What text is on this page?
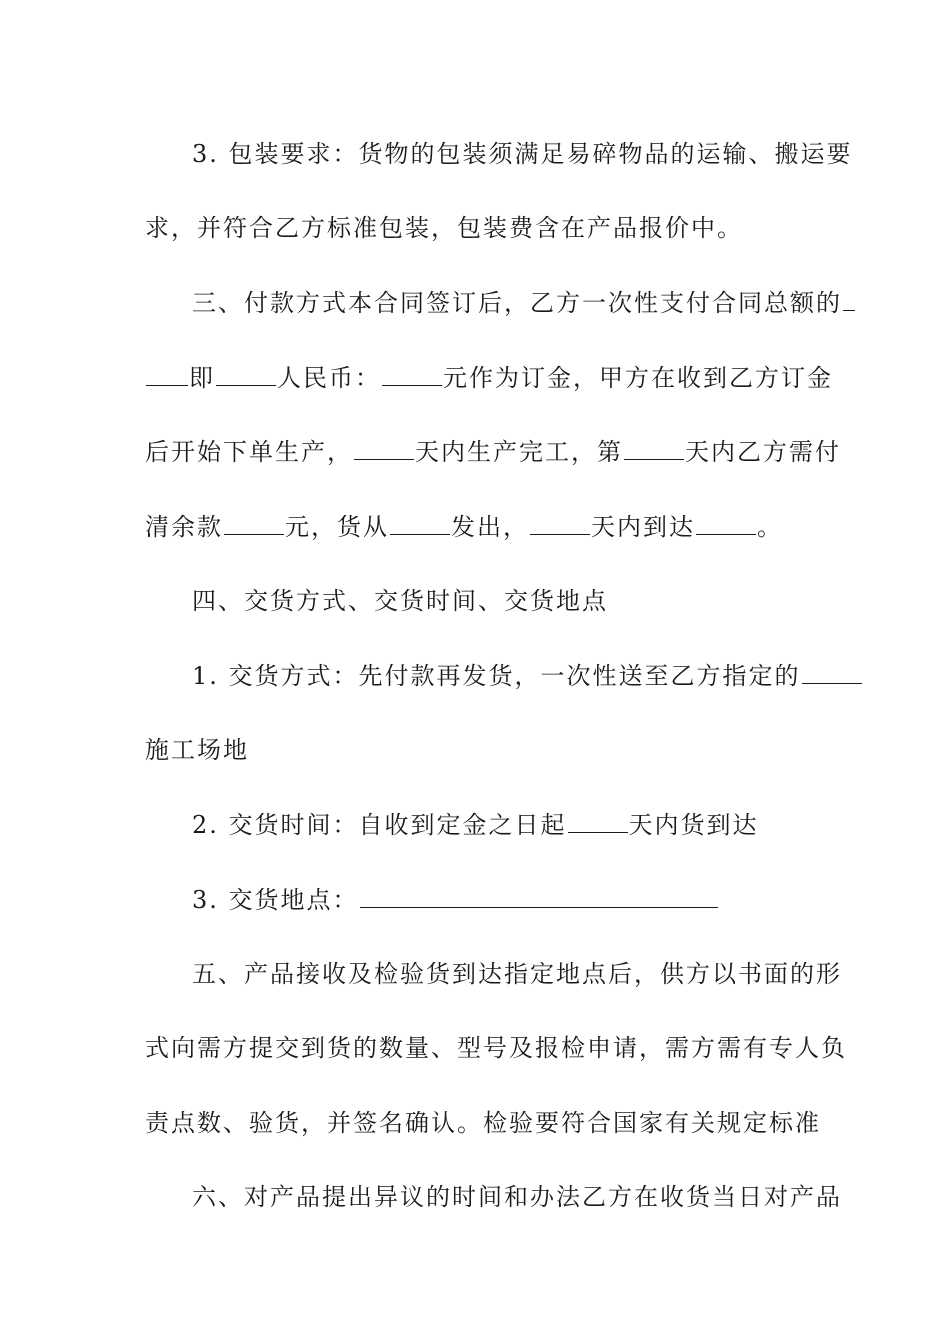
3. 包装要求：货物的包装须满足易碎物品的运输、搬运要
求，并符合乙方标准包装，包装费含在产品报价中。
三、付款方式本合同签订后，乙方一次性支付合同总额的
即	人民币：	元作为订金，甲方在收到乙方订金
后开始下单生产，	天内生产完工，第	天内乙方需付
清余款	元，货从	发出，	天内到达	。
四、交货方式、交货时间、交货地点
1. 交货方式：先付款再发货，一次性送至乙方指定的
施工场地
2. 交货时间：自收到定金之日起	天内货到达
3. 交货地点：
五、产品接收及检验货到达指定地点后，供方以书面的形
式向需方提交到货的数量、型号及报检申请，需方需有专人负
责点数、验货，并签名确认。检验要符合国家有关规定标准
六、对产品提出异议的时间和办法乙方在收货当日对产品
